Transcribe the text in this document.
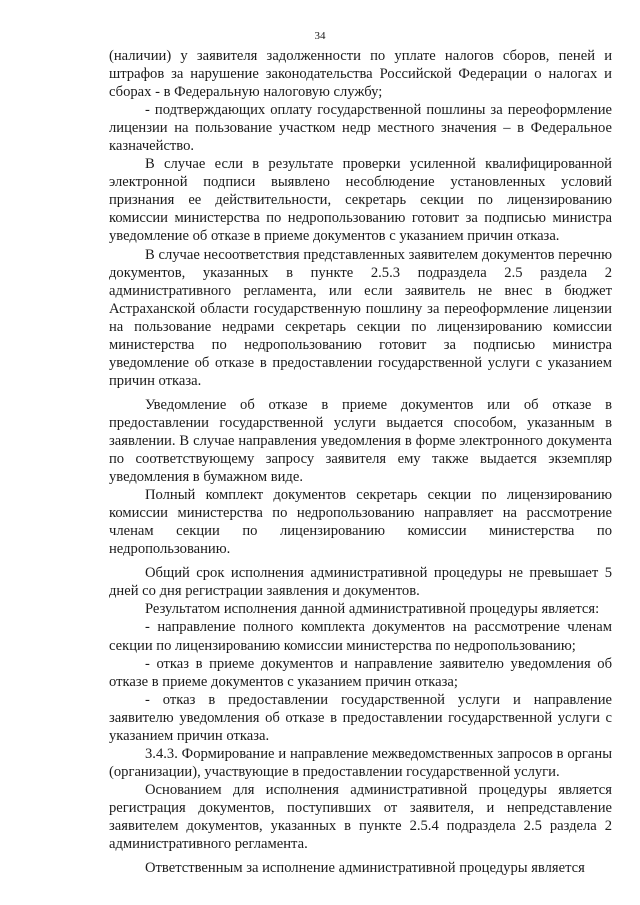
34

(наличии) у заявителя задолженности по уплате налогов сборов, пеней и штрафов за нарушение законодательства Российской Федерации о налогах и сборах - в Федеральную налоговую службу;

- подтверждающих оплату государственной пошлины за переоформление лицензии на пользование участком недр местного значения – в Федеральное казначейство.

В случае если в результате проверки усиленной квалифицированной электронной подписи выявлено несоблюдение установленных условий признания ее действительности, секретарь секции по лицензированию комиссии министерства по недропользованию готовит за подписью министра уведомление об отказе в приеме документов с указанием причин отказа.

В случае несоответствия представленных заявителем документов перечню документов, указанных в пункте 2.5.3 подраздела 2.5 раздела 2 административного регламента, или если заявитель не внес в бюджет Астраханской области государственную пошлину за переоформление лицензии на пользование недрами секретарь секции по лицензированию комиссии министерства по недропользованию готовит за подписью министра уведомление об отказе в предоставлении государственной услуги с указанием причин отказа.

Уведомление об отказе в приеме документов или об отказе в предоставлении государственной услуги выдается способом, указанным в заявлении. В случае направления уведомления в форме электронного документа по соответствующему запросу заявителя ему также выдается экземпляр уведомления в бумажном виде.

Полный комплект документов секретарь секции по лицензированию комиссии министерства по недропользованию направляет на рассмотрение членам секции по лицензированию комиссии министерства по недропользованию.

Общий срок исполнения административной процедуры не превышает 5 дней со дня регистрации заявления и документов.

Результатом исполнения данной административной процедуры является:

- направление полного комплекта документов на рассмотрение членам секции по лицензированию комиссии министерства по недропользованию;

- отказ в приеме документов и направление заявителю уведомления об отказе в приеме документов с указанием причин отказа;

- отказ в предоставлении государственной услуги и направление заявителю уведомления об отказе в предоставлении государственной услуги с указанием причин отказа.

3.4.3. Формирование и направление межведомственных запросов в органы (организации), участвующие в предоставлении государственной услуги.

Основанием для исполнения административной процедуры является регистрация документов, поступивших от заявителя, и непредставление заявителем документов, указанных в пункте 2.5.4 подраздела 2.5 раздела 2 административного регламента.

Ответственным за исполнение административной процедуры является
